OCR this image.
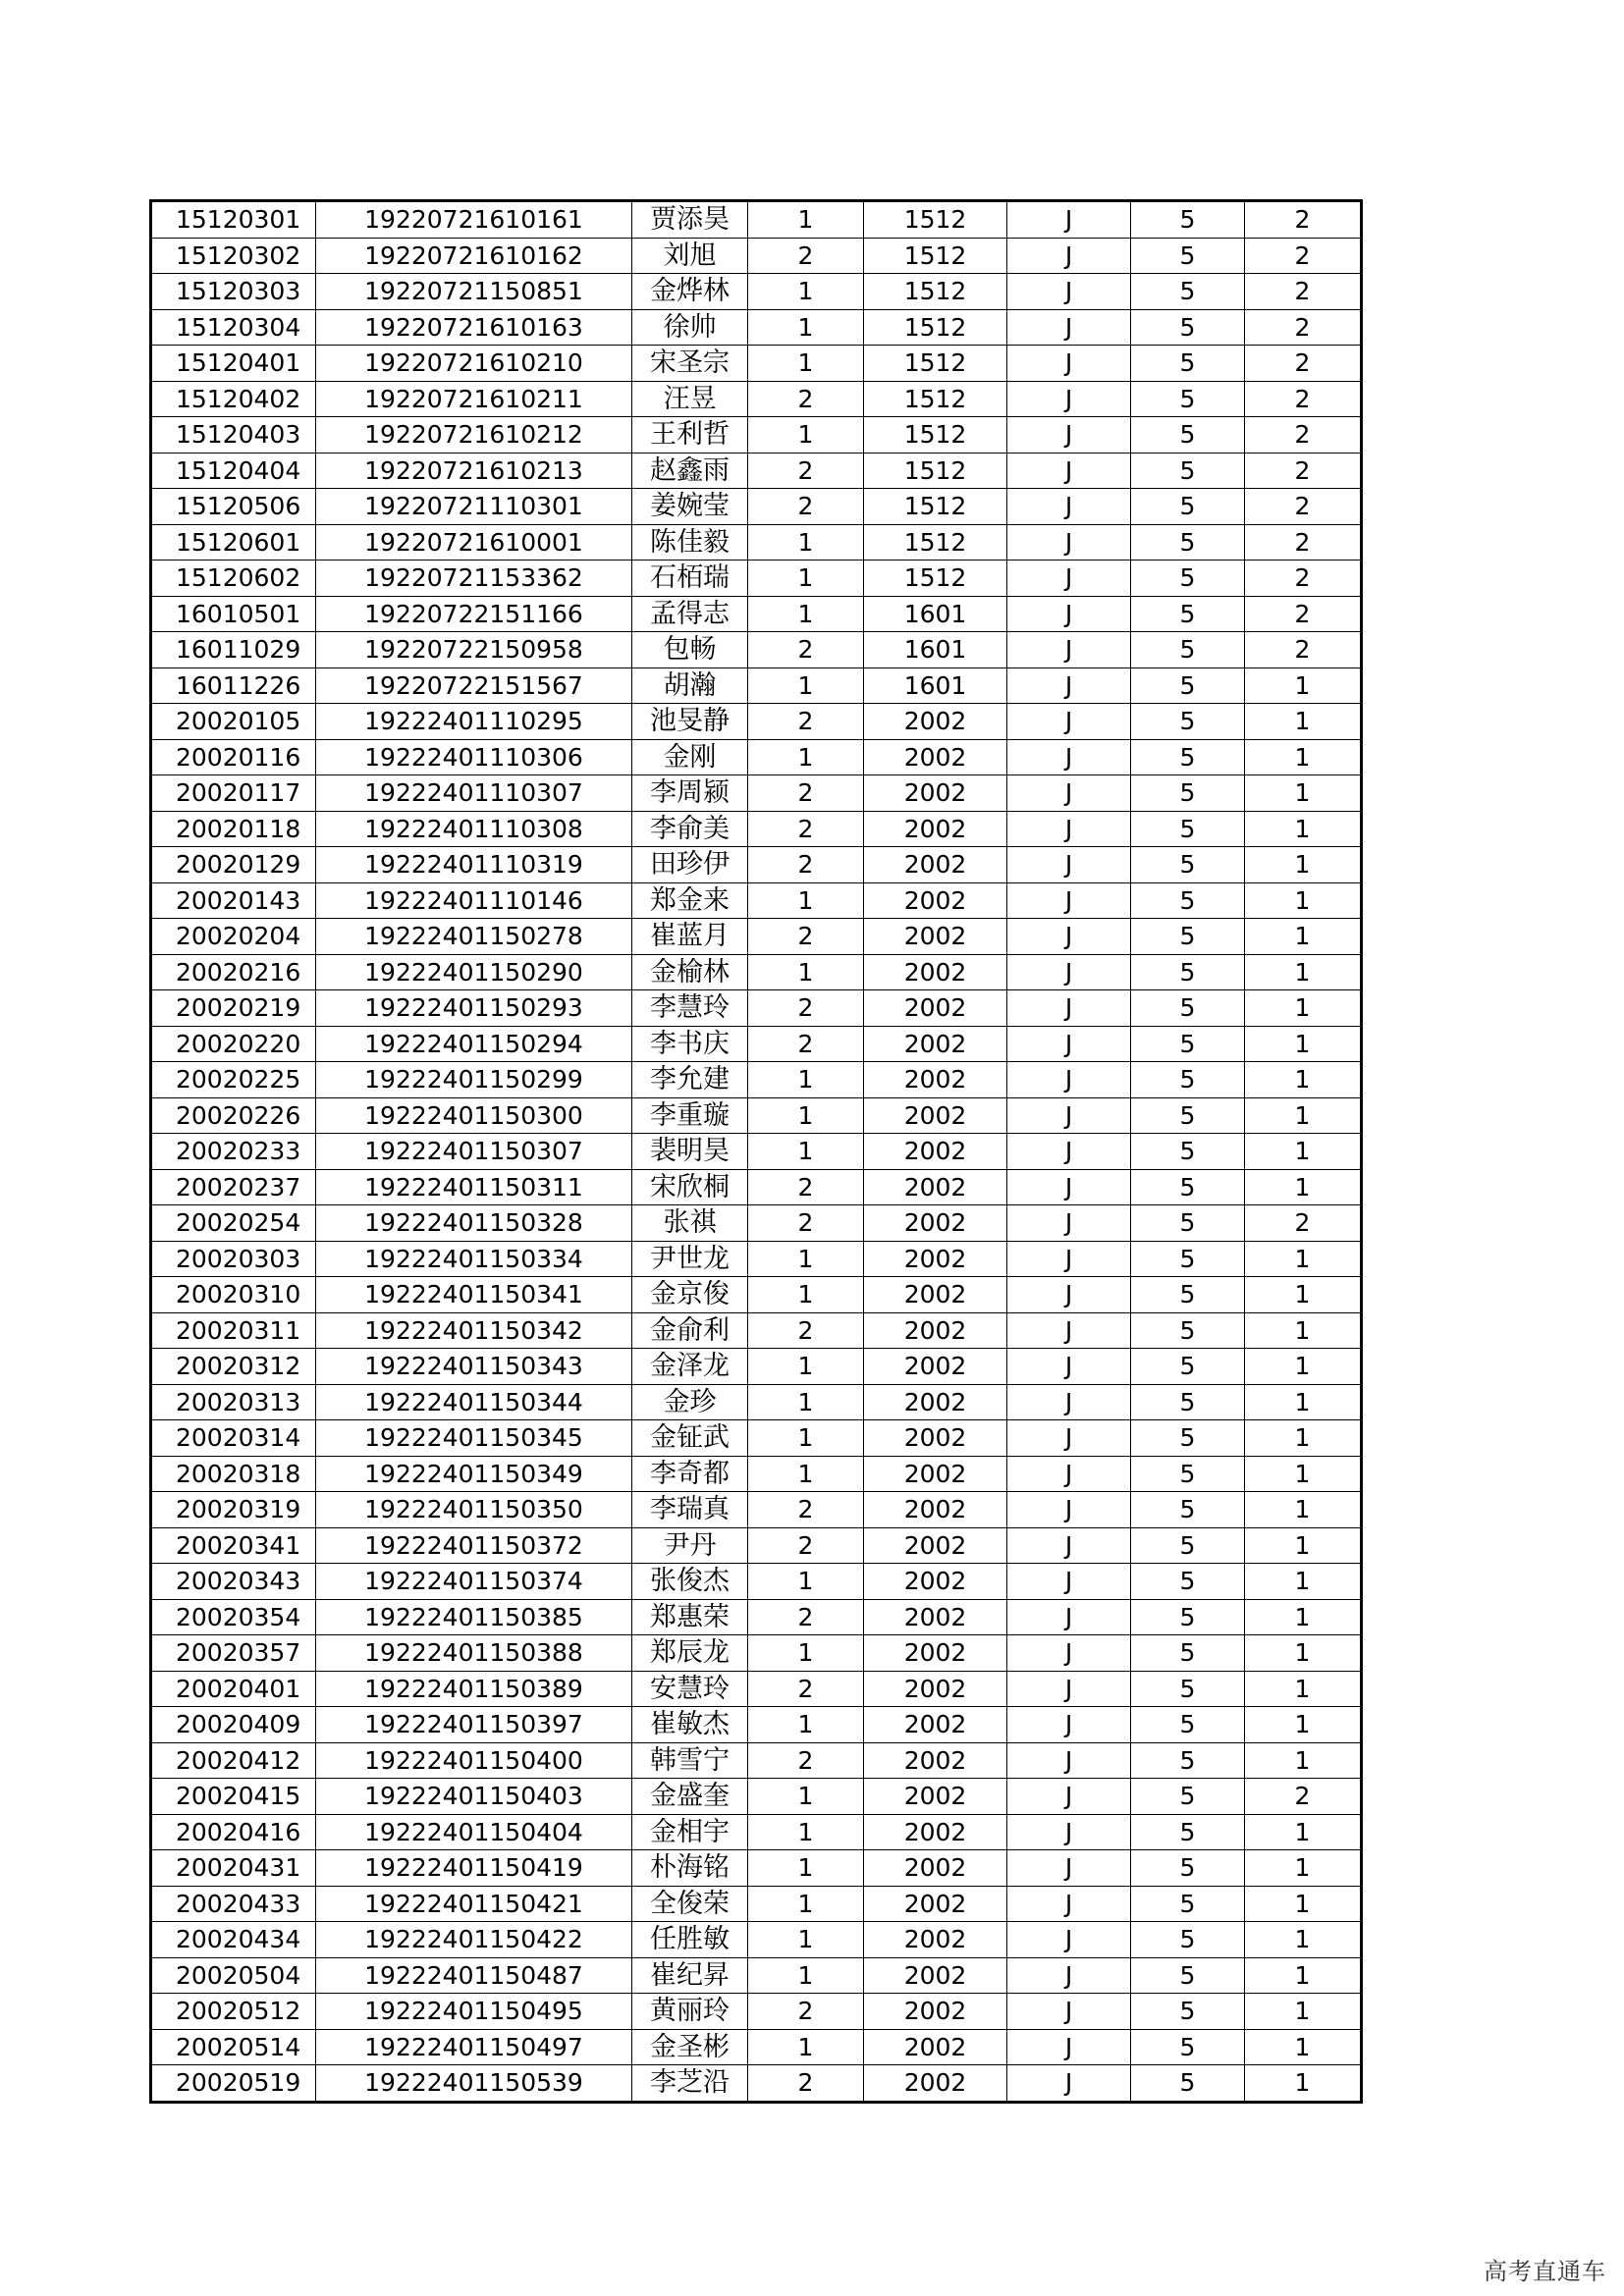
15120301	19220721610161	贾添昊	1	1512	J	5	2
15120302	19220721610162	刘旭	2	1512	J	5	2
15120303	19220721150851	金烨林	1	1512	J	5	2
15120304	19220721610163	徐帅	1	1512	J	5	2
15120401	19220721610210	宋圣宗	1	1512	J	5	2
15120402	19220721610211	汪昱	2	1512	J	5	2
15120403	19220721610212	王利哲	1	1512	J	5	2
15120404	19220721610213	赵鑫雨	2	1512	J	5	2
15120506	19220721110301	姜婉莹	2	1512	J	5	2
15120601	19220721610001	陈佳毅	1	1512	J	5	2
15120602	19220721153362	石栢瑞	1	1512	J	5	2
16010501	19220722151166	孟得志	1	1601	J	5	2
16011029	19220722150958	包畅	2	1601	J	5	2
16011226	19220722151567	胡瀚	1	1601	J	5	1
20020105	19222401110295	池旻静	2	2002	J	5	1
20020116	19222401110306	金刚	1	2002	J	5	1
20020117	19222401110307	李周颍	2	2002	J	5	1
20020118	19222401110308	李俞美	2	2002	J	5	1
20020129	19222401110319	田珍伊	2	2002	J	5	1
20020143	19222401110146	郑金来	1	2002	J	5	1
20020204	19222401150278	崔蓝月	2	2002	J	5	1
20020216	19222401150290	金榆林	1	2002	J	5	1
20020219	19222401150293	李慧玲	2	2002	J	5	1
20020220	19222401150294	李书庆	2	2002	J	5	1
20020225	19222401150299	李允建	1	2002	J	5	1
20020226	19222401150300	李重璇	1	2002	J	5	1
20020233	19222401150307	裴明昊	1	2002	J	5	1
20020237	19222401150311	宋欣桐	2	2002	J	5	1
20020254	19222401150328	张祺	2	2002	J	5	2
20020303	19222401150334	尹世龙	1	2002	J	5	1
20020310	19222401150341	金京俊	1	2002	J	5	1
20020311	19222401150342	金俞利	2	2002	J	5	1
20020312	19222401150343	金泽龙	1	2002	J	5	1
20020313	19222401150344	金珍	1	2002	J	5	1
20020314	19222401150345	金钲武	1	2002	J	5	1
20020318	19222401150349	李奇都	1	2002	J	5	1
20020319	19222401150350	李瑞真	2	2002	J	5	1
20020341	19222401150372	尹丹	2	2002	J	5	1
20020343	19222401150374	张俊杰	1	2002	J	5	1
20020354	19222401150385	郑惠荣	2	2002	J	5	1
20020357	19222401150388	郑辰龙	1	2002	J	5	1
20020401	19222401150389	安慧玲	2	2002	J	5	1
20020409	19222401150397	崔敏杰	1	2002	J	5	1
20020412	19222401150400	韩雪宁	2	2002	J	5	1
20020415	19222401150403	金盛奎	1	2002	J	5	2
20020416	19222401150404	金相宇	1	2002	J	5	1
20020431	19222401150419	朴海铭	1	2002	J	5	1
20020433	19222401150421	全俊荣	1	2002	J	5	1
20020434	19222401150422	任胜敏	1	2002	J	5	1
20020504	19222401150487	崔纪昇	1	2002	J	5	1
20020512	19222401150495	黄丽玲	2	2002	J	5	1
20020514	19222401150497	金圣彬	1	2002	J	5	1
20020519	19222401150539	李芝沿	2	2002	J	5	1
高考直通车
